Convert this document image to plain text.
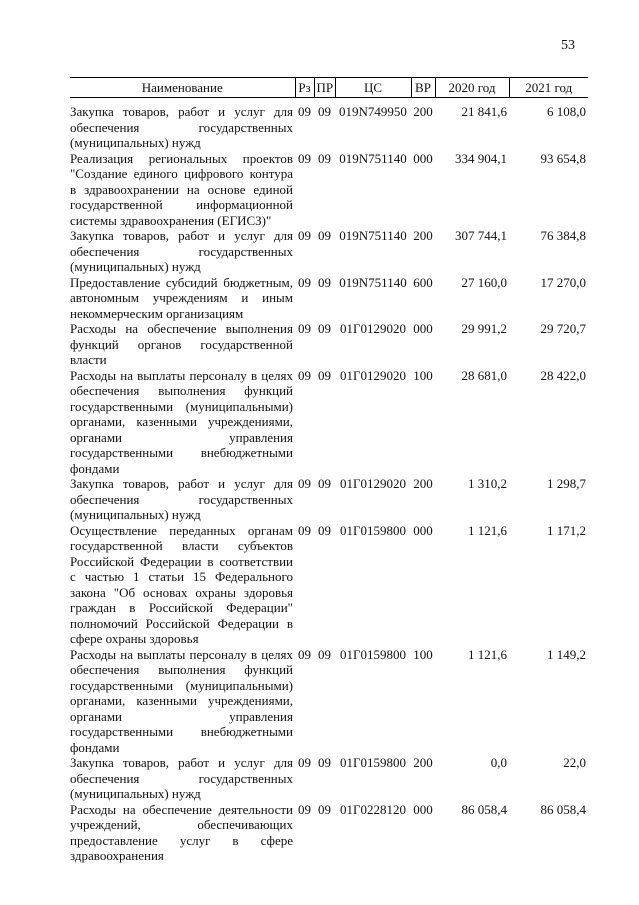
53
Наименование	Рз	ПР	ЦС	ВР	2020 год	2021 год

Закупка товаров, работ и услуг для обеспечения государственных (муниципальных) нужд	09	09	019N749950	200	21 841,6	6 108,0
Реализация региональных проектов "Создание единого цифрового контура в здравоохранении на основе единой государственной информационной системы здравоохранения (ЕГИСЗ)"	09	09	019N751140	000	334 904,1	93 654,8
Закупка товаров, работ и услуг для обеспечения государственных (муниципальных) нужд	09	09	019N751140	200	307 744,1	76 384,8
Предоставление субсидий бюджетным, автономным учреждениям и иным некоммерческим организациям	09	09	019N751140	600	27 160,0	17 270,0
Расходы на обеспечение выполнения функций органов государственной власти	09	09	01Г0129020	000	29 991,2	29 720,7
Расходы на выплаты персоналу в целях обеспечения выполнения функций государственными (муниципальными) органами, казенными учреждениями, органами управления государственными внебюджетными фондами	09	09	01Г0129020	100	28 681,0	28 422,0
Закупка товаров, работ и услуг для обеспечения государственных (муниципальных) нужд	09	09	01Г0129020	200	1 310,2	1 298,7
Осуществление переданных органам государственной власти субъектов Российской Федерации в соответствии с частью 1 статьи 15 Федерального закона "Об основах охраны здоровья граждан в Российской Федерации" полномочий Российской Федерации в сфере охраны здоровья	09	09	01Г0159800	000	1 121,6	1 171,2
Расходы на выплаты персоналу в целях обеспечения выполнения функций государственными (муниципальными) органами, казенными учреждениями, органами управления государственными внебюджетными фондами	09	09	01Г0159800	100	1 121,6	1 149,2
Закупка товаров, работ и услуг для обеспечения государственных (муниципальных) нужд	09	09	01Г0159800	200	0,0	22,0
Расходы на обеспечение деятельности учреждений, обеспечивающих предоставление услуг в сфере здравоохранения	09	09	01Г0228120	000	86 058,4	86 058,4
